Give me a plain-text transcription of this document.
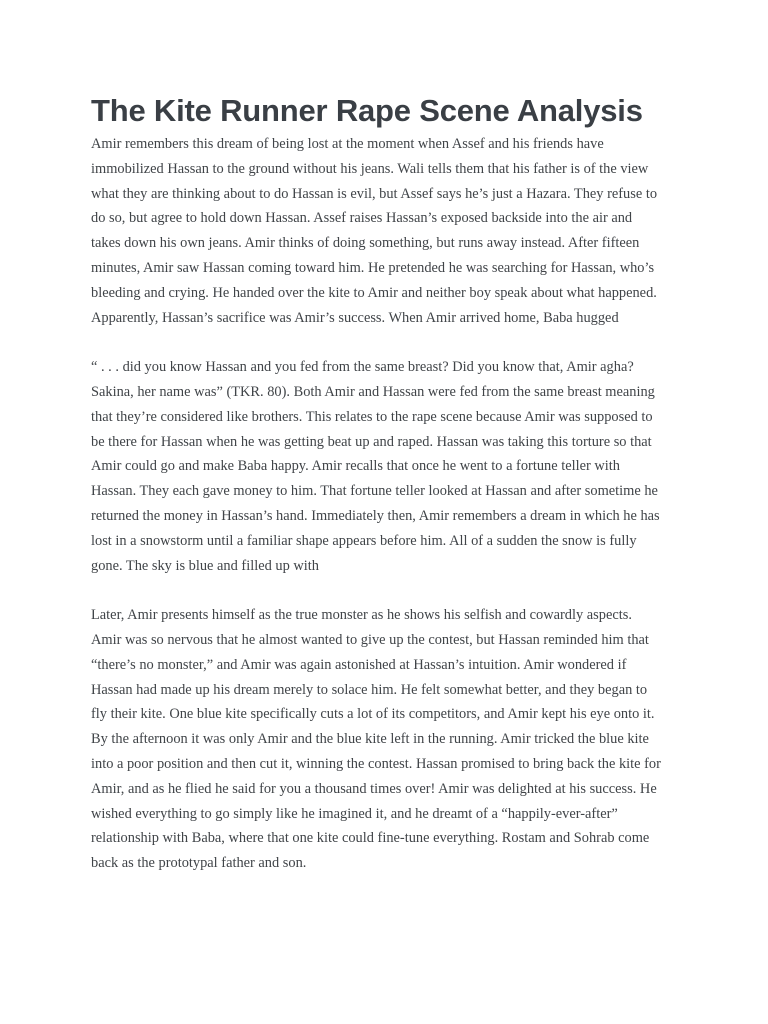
The Kite Runner Rape Scene Analysis

Amir remembers this dream of being lost at the moment when Assef and his friends have
immobilized Hassan to the ground without his jeans. Wali tells them that his father is of the view
what they are thinking about to do Hassan is evil, but Assef says he’s just a Hazara. They refuse to
do so, but agree to hold down Hassan. Assef raises Hassan’s exposed backside into the air and
takes down his own jeans. Amir thinks of doing something, but runs away instead. After fifteen
minutes, Amir saw Hassan coming toward him. He pretended he was searching for Hassan, who’s
bleeding and crying. He handed over the kite to Amir and neither boy speak about what happened.
Apparently, Hassan’s sacrifice was Amir’s success. When Amir arrived home, Baba hugged

“ . . . did you know Hassan and you fed from the same breast? Did you know that, Amir agha?
Sakina, her name was” (TKR. 80). Both Amir and Hassan were fed from the same breast meaning
that they’re considered like brothers. This relates to the rape scene because Amir was supposed to
be there for Hassan when he was getting beat up and raped. Hassan was taking this torture so that
Amir could go and make Baba happy. Amir recalls that once he went to a fortune teller with
Hassan. They each gave money to him. That fortune teller looked at Hassan and after sometime he
returned the money in Hassan’s hand. Immediately then, Amir remembers a dream in which he has
lost in a snowstorm until a familiar shape appears before him. All of a sudden the snow is fully
gone. The sky is blue and filled up with

Later, Amir presents himself as the true monster as he shows his selfish and cowardly aspects.
Amir was so nervous that he almost wanted to give up the contest, but Hassan reminded him that
“there’s no monster,” and Amir was again astonished at Hassan’s intuition. Amir wondered if
Hassan had made up his dream merely to solace him. He felt somewhat better, and they began to
fly their kite. One blue kite specifically cuts a lot of its competitors, and Amir kept his eye onto it.
By the afternoon it was only Amir and the blue kite left in the running. Amir tricked the blue kite
into a poor position and then cut it, winning the contest. Hassan promised to bring back the kite for
Amir, and as he flied he said for you a thousand times over! Amir was delighted at his success. He
wished everything to go simply like he imagined it, and he dreamt of a “happily-ever-after”
relationship with Baba, where that one kite could fine-tune everything. Rostam and Sohrab come
back as the prototypal father and son.
